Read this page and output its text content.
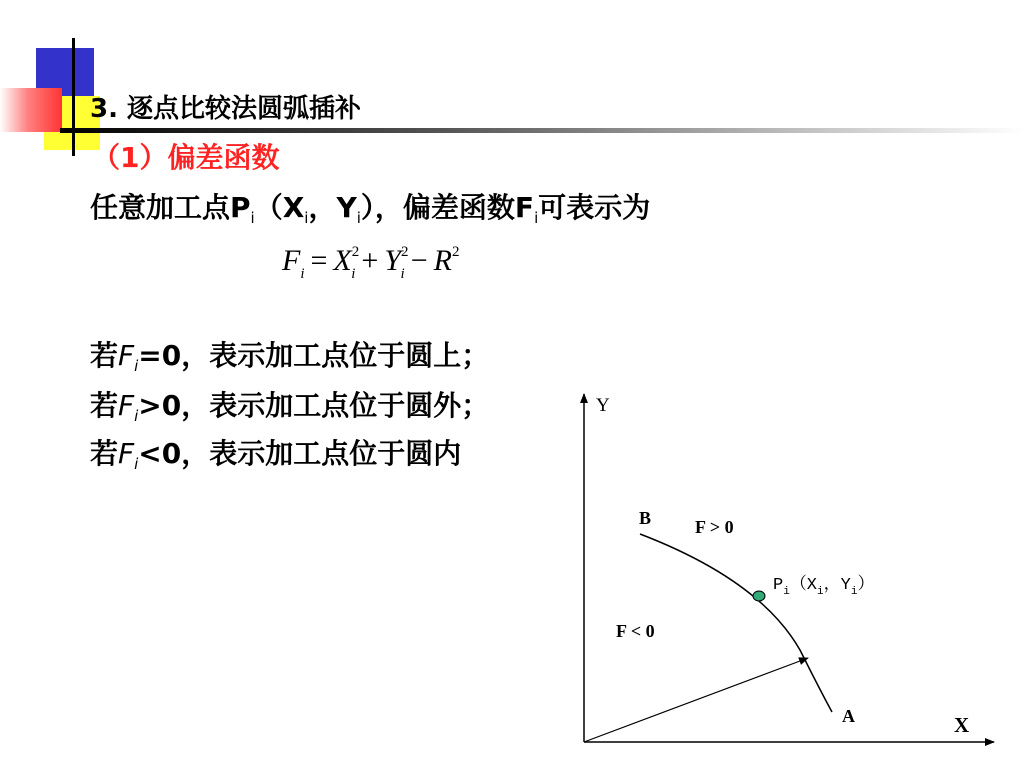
3. 逐点比较法圆弧插补
（1）偏差函数
任意加工点$P_i(X_i$，$Y_i$），偏差函数$F_i$可表示为
$F_i = X^2_i + Y^2_i - R^2$
若$F_i=0$，表示加工点位于圆上；
若$F_i>0$，表示加工点位于圆外；
若$F_i<0$，表示加工点位于圆内
Y
X
B
A
F > 0
F < 0
$P_i(X_i$，$Y_i$）
